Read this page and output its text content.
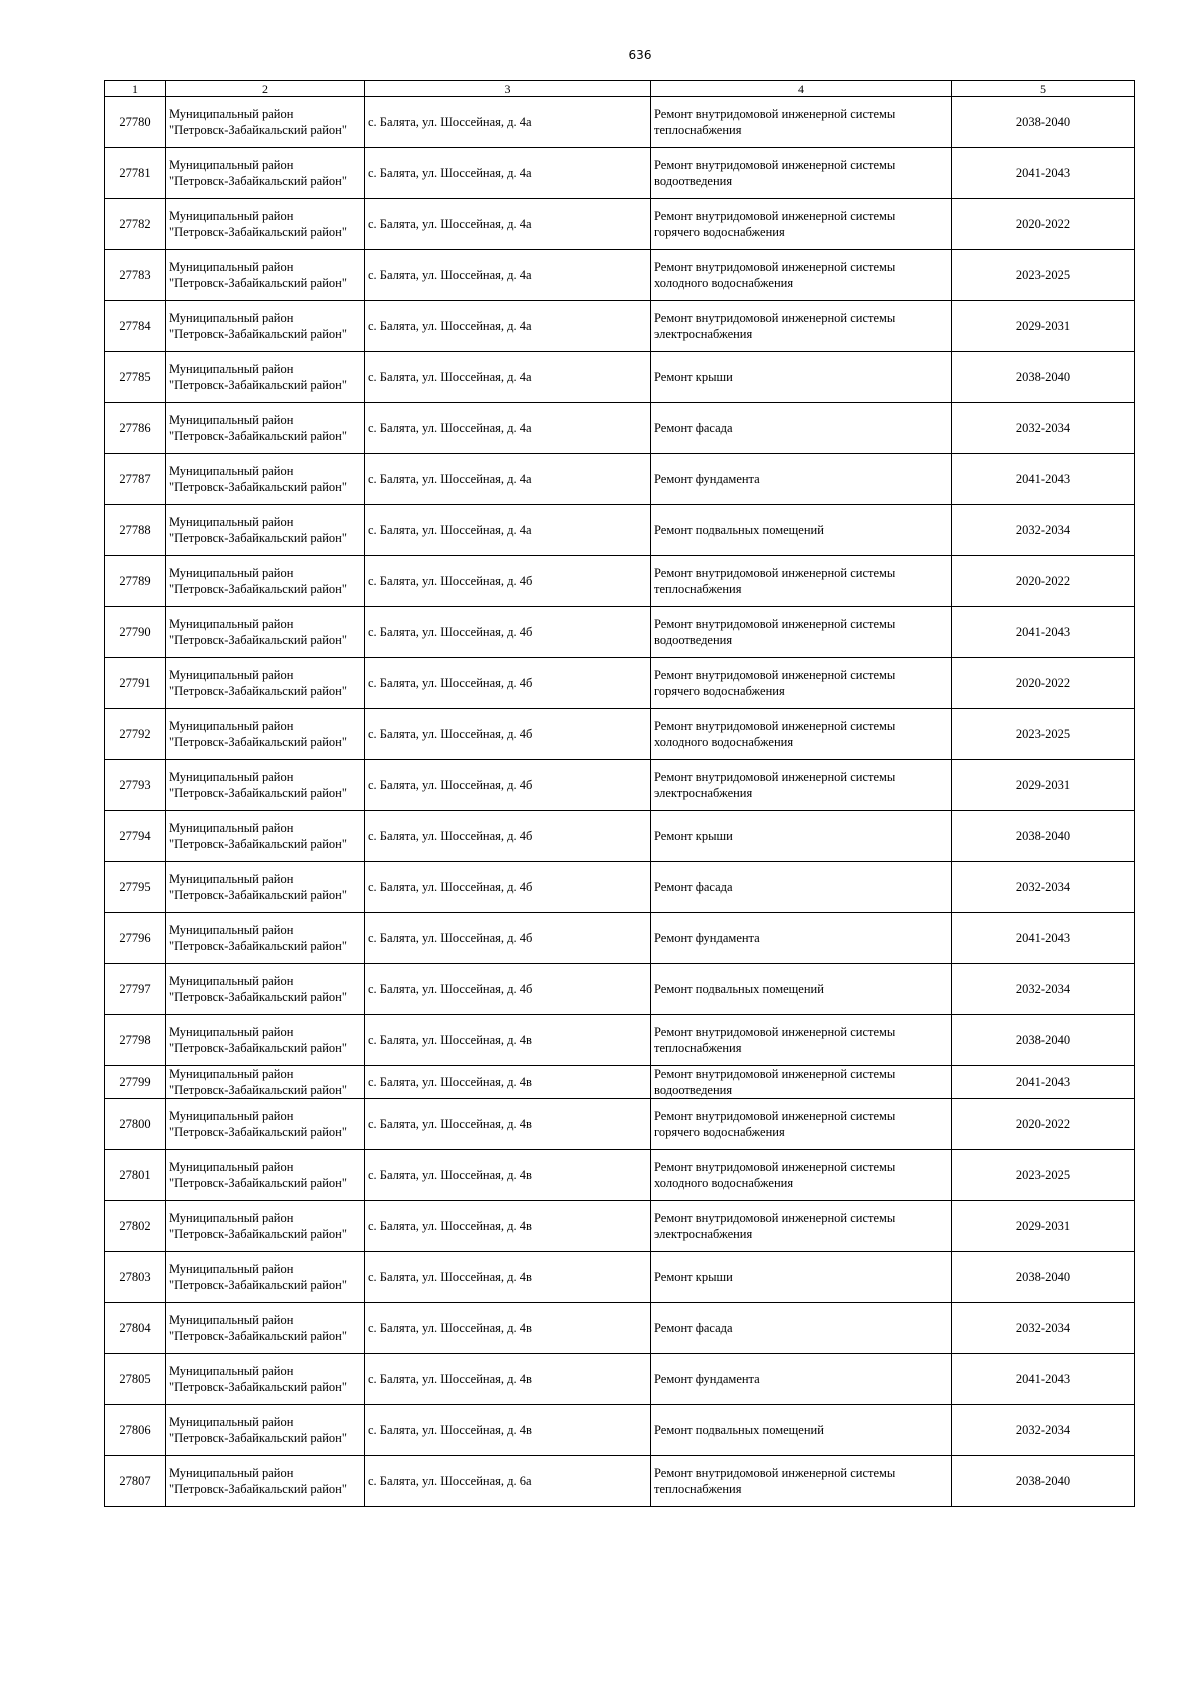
636
1	2	3	4	5
27780	Муниципальный район
"Петровск-Забайкальский район"	с. Балята, ул. Шоссейная, д. 4а	Ремонт внутридомовой инженерной системы
теплоснабжения	2038-2040
27781	Муниципальный район
"Петровск-Забайкальский район"	с. Балята, ул. Шоссейная, д. 4а	Ремонт внутридомовой инженерной системы
водоотведения	2041-2043
27782	Муниципальный район
"Петровск-Забайкальский район"	с. Балята, ул. Шоссейная, д. 4а	Ремонт внутридомовой инженерной системы
горячего водоснабжения	2020-2022
27783	Муниципальный район
"Петровск-Забайкальский район"	с. Балята, ул. Шоссейная, д. 4а	Ремонт внутридомовой инженерной системы
холодного водоснабжения	2023-2025
27784	Муниципальный район
"Петровск-Забайкальский район"	с. Балята, ул. Шоссейная, д. 4а	Ремонт внутридомовой инженерной системы
электроснабжения	2029-2031
27785	Муниципальный район
"Петровск-Забайкальский район"	с. Балята, ул. Шоссейная, д. 4а	Ремонт крыши	2038-2040
27786	Муниципальный район
"Петровск-Забайкальский район"	с. Балята, ул. Шоссейная, д. 4а	Ремонт фасада	2032-2034
27787	Муниципальный район
"Петровск-Забайкальский район"	с. Балята, ул. Шоссейная, д. 4а	Ремонт фундамента	2041-2043
27788	Муниципальный район
"Петровск-Забайкальский район"	с. Балята, ул. Шоссейная, д. 4а	Ремонт подвальных помещений	2032-2034
27789	Муниципальный район
"Петровск-Забайкальский район"	с. Балята, ул. Шоссейная, д. 4б	Ремонт внутридомовой инженерной системы
теплоснабжения	2020-2022
27790	Муниципальный район
"Петровск-Забайкальский район"	с. Балята, ул. Шоссейная, д. 4б	Ремонт внутридомовой инженерной системы
водоотведения	2041-2043
27791	Муниципальный район
"Петровск-Забайкальский район"	с. Балята, ул. Шоссейная, д. 4б	Ремонт внутридомовой инженерной системы
горячего водоснабжения	2020-2022
27792	Муниципальный район
"Петровск-Забайкальский район"	с. Балята, ул. Шоссейная, д. 4б	Ремонт внутридомовой инженерной системы
холодного водоснабжения	2023-2025
27793	Муниципальный район
"Петровск-Забайкальский район"	с. Балята, ул. Шоссейная, д. 4б	Ремонт внутридомовой инженерной системы
электроснабжения	2029-2031
27794	Муниципальный район
"Петровск-Забайкальский район"	с. Балята, ул. Шоссейная, д. 4б	Ремонт крыши	2038-2040
27795	Муниципальный район
"Петровск-Забайкальский район"	с. Балята, ул. Шоссейная, д. 4б	Ремонт фасада	2032-2034
27796	Муниципальный район
"Петровск-Забайкальский район"	с. Балята, ул. Шоссейная, д. 4б	Ремонт фундамента	2041-2043
27797	Муниципальный район
"Петровск-Забайкальский район"	с. Балята, ул. Шоссейная, д. 4б	Ремонт подвальных помещений	2032-2034
27798	Муниципальный район
"Петровск-Забайкальский район"	с. Балята, ул. Шоссейная, д. 4в	Ремонт внутридомовой инженерной системы
теплоснабжения	2038-2040
27799	Муниципальный район
"Петровск-Забайкальский район"	с. Балята, ул. Шоссейная, д. 4в	Ремонт внутридомовой инженерной системы
водоотведения	2041-2043
27800	Муниципальный район
"Петровск-Забайкальский район"	с. Балята, ул. Шоссейная, д. 4в	Ремонт внутридомовой инженерной системы
горячего водоснабжения	2020-2022
27801	Муниципальный район
"Петровск-Забайкальский район"	с. Балята, ул. Шоссейная, д. 4в	Ремонт внутридомовой инженерной системы
холодного водоснабжения	2023-2025
27802	Муниципальный район
"Петровск-Забайкальский район"	с. Балята, ул. Шоссейная, д. 4в	Ремонт внутридомовой инженерной системы
электроснабжения	2029-2031
27803	Муниципальный район
"Петровск-Забайкальский район"	с. Балята, ул. Шоссейная, д. 4в	Ремонт крыши	2038-2040
27804	Муниципальный район
"Петровск-Забайкальский район"	с. Балята, ул. Шоссейная, д. 4в	Ремонт фасада	2032-2034
27805	Муниципальный район
"Петровск-Забайкальский район"	с. Балята, ул. Шоссейная, д. 4в	Ремонт фундамента	2041-2043
27806	Муниципальный район
"Петровск-Забайкальский район"	с. Балята, ул. Шоссейная, д. 4в	Ремонт подвальных помещений	2032-2034
27807	Муниципальный район
"Петровск-Забайкальский район"	с. Балята, ул. Шоссейная, д. 6а	Ремонт внутридомовой инженерной системы
теплоснабжения	2038-2040
